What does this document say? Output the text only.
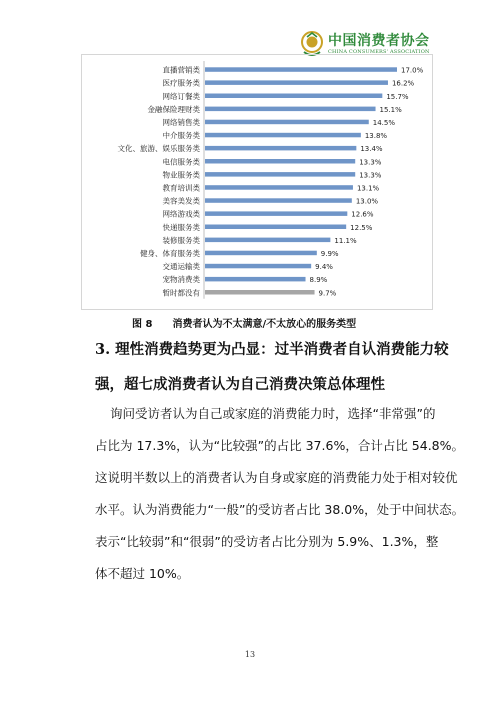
中国消费者协会
CHINA CONSUMERS' ASSOCIATION
直播营销类	17.0%
医疗服务类	16.2%
网络订餐类	15.7%
金融保险理财类	15.1%
网络销售类	14.5%
中介服务类	13.8%
文化、旅游、娱乐服务类	13.4%
电信服务类	13.3%
物业服务类	13.3%
教育培训类	13.1%
美容美发类	13.0%
网络游戏类	12.6%
快递服务类	12.5%
装修服务类	11.1%
健身、体育服务类	9.9%
交通运输类	9.4%
宠物消费类	8.9%
暂时都没有	9.7%
图 8 消费者认为不太满意/不太放心的服务类型
3. 理性消费趋势更为凸显：过半消费者自认消费能力较
强，超七成消费者认为自己消费决策总体理性
询问受访者认为自己或家庭的消费能力时，选择“非常强”的
占比为 17.3%，认为“比较强”的占比 37.6%，合计占比 54.8%。
这说明半数以上的消费者认为自身或家庭的消费能力处于相对较优
水平。认为消费能力“一般”的受访者占比 38.0%，处于中间状态。
表示“比较弱”和“很弱”的受访者占比分别为 5.9%、1.3%，整
体不超过 10%。
13
